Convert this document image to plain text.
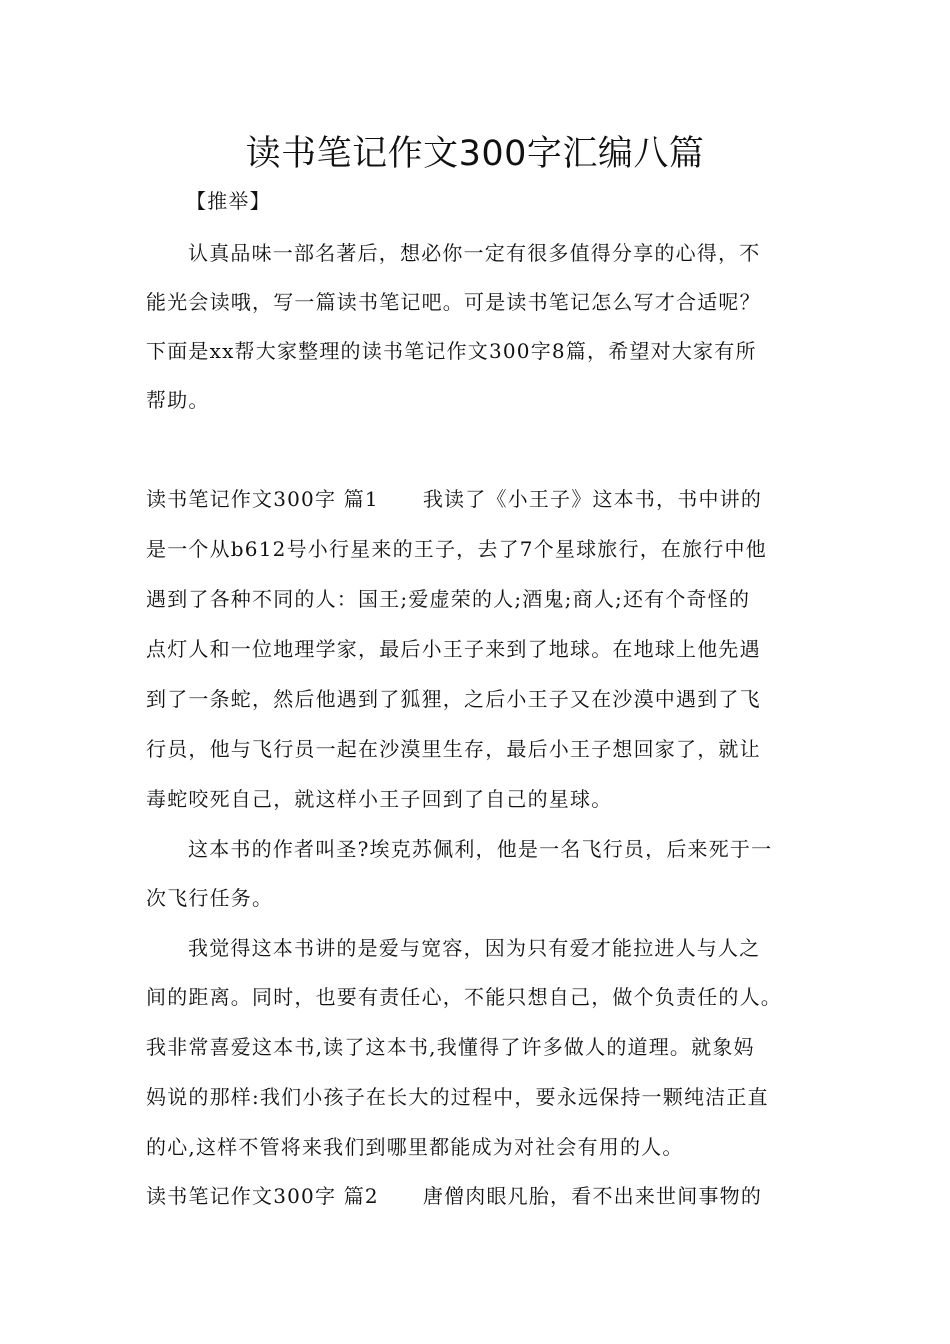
读书笔记作文300字汇编八篇
【推举】
认真品味一部名著后，想必你一定有很多值得分享的心得，不
能光会读哦，写一篇读书笔记吧。可是读书笔记怎么写才合适呢？
下面是xx帮大家整理的读书笔记作文300字8篇，希望对大家有所
帮助。
读书笔记作文300字 篇1 我读了《小王子》这本书，书中讲的
是一个从b612号小行星来的王子，去了7个星球旅行，在旅行中他
遇到了各种不同的人：国王;爱虚荣的人;酒鬼;商人;还有个奇怪的
点灯人和一位地理学家，最后小王子来到了地球。在地球上他先遇
到了一条蛇，然后他遇到了狐狸，之后小王子又在沙漠中遇到了飞
行员，他与飞行员一起在沙漠里生存，最后小王子想回家了，就让
毒蛇咬死自己，就这样小王子回到了自己的星球。
这本书的作者叫圣?埃克苏佩利，他是一名飞行员，后来死于一
次飞行任务。
我觉得这本书讲的是爱与宽容，因为只有爱才能拉进人与人之
间的距离。同时，也要有责任心，不能只想自己，做个负责任的人。
我非常喜爱这本书,读了这本书,我懂得了许多做人的道理。就象妈
妈说的那样:我们小孩子在长大的过程中，要永远保持一颗纯洁正直
的心,这样不管将来我们到哪里都能成为对社会有用的人。
读书笔记作文300字 篇2 唐僧肉眼凡胎，看不出来世间事物的
